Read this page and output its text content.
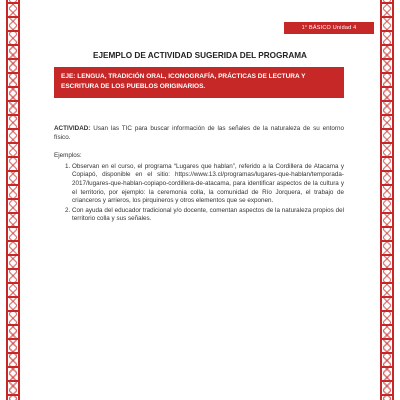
1° BÁSICO Unidad 4
EJEMPLO DE ACTIVIDAD SUGERIDA DEL PROGRAMA
EJE: LENGUA, TRADICIÓN ORAL, ICONOGRAFÍA, PRÁCTICAS DE LECTURA Y ESCRITURA DE LOS PUEBLOS ORIGINARIOS.

ACTIVIDAD: Usan las TIC para buscar información de las señales de la naturaleza de su entorno físico.

Ejemplos:

1. Observan en el curso, el programa “Lugares que hablan”, referido a la Cordillera de Atacama y Copiapó, disponible en el sitio: https://www.13.cl/programas/lugares-que-hablan/temporada-2017/lugares-que-hablan-copiapo-cordillera-de-atacama, para identificar aspectos de la cultura y el territorio, por ejemplo: la ceremonia colla, la comunidad de Río Jorquera, el trabajo de crianceros y arrieros, los pirquineros y otros elementos que se exponen.
2. Con ayuda del educador tradicional y/o docente, comentan aspectos de la naturaleza propios del territorio colla y sus señales.
